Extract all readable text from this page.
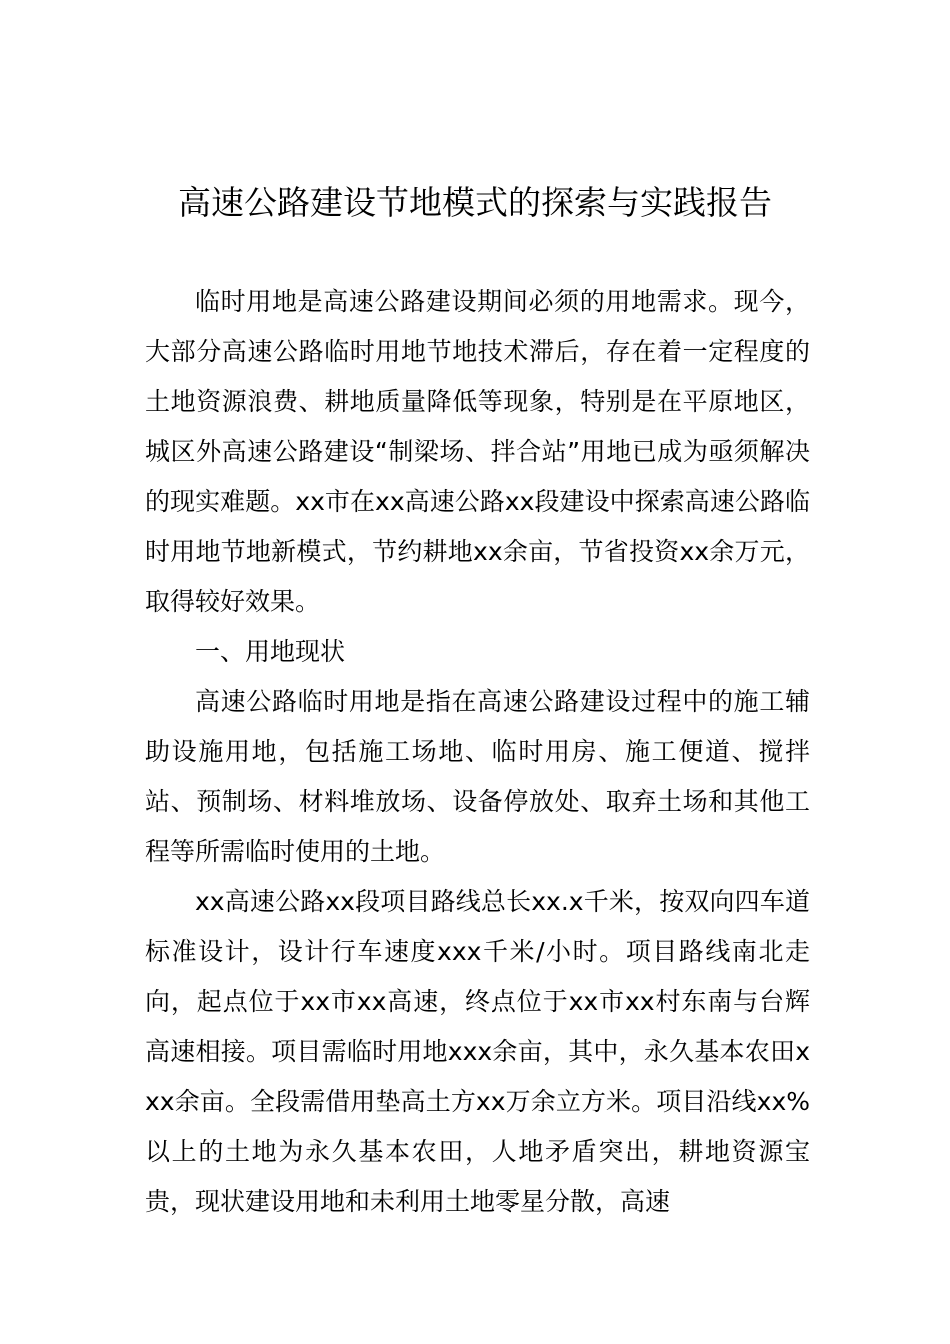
高速公路建设节地模式的探索与实践报告

临时用地是高速公路建设期间必须的用地需求。现今，大部分高速公路临时用地节地技术滞后，存在着一定程度的土地资源浪费、耕地质量降低等现象，特别是在平原地区，城区外高速公路建设“制梁场、拌合站”用地已成为亟须解决的现实难题。xx市在xx高速公路xx段建设中探索高速公路临时用地节地新模式，节约耕地xx余亩，节省投资xx余万元，取得较好效果。

一、用地现状

高速公路临时用地是指在高速公路建设过程中的施工辅助设施用地，包括施工场地、临时用房、施工便道、搅拌站、预制场、材料堆放场、设备停放处、取弃土场和其他工程等所需临时使用的土地。

xx高速公路xx段项目路线总长xx.x千米，按双向四车道标准设计，设计行车速度xxx千米/小时。项目路线南北走向，起点位于xx市xx高速，终点位于xx市xx村东南与台辉高速相接。项目需临时用地xxx余亩，其中，永久基本农田xxx余亩。全段需借用垫高土方xx万余立方米。项目沿线xx%以上的土地为永久基本农田，人地矛盾突出，耕地资源宝贵，现状建设用地和未利用土地零星分散，高速
